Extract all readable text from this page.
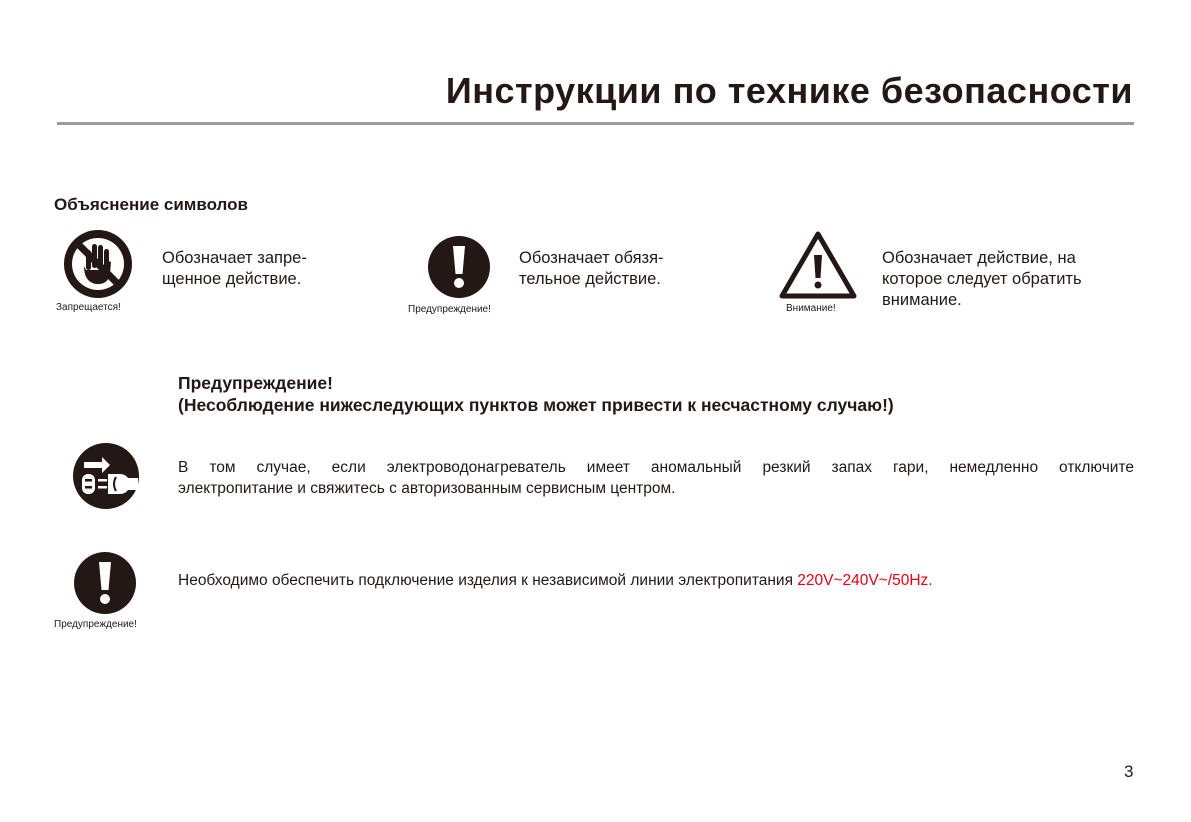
Инструкции по технике безопасности
Объяснение символов
Запрещается!
Обозначает запре-
щенное действие.
Предупреждение!
Обозначает обязя-
тельное действие.
Внимание!
Обозначает действие, на
которое следует обратить
внимание.
Предупреждение!
(Несоблюдение нижеследующих пунктов может привести к несчастному случаю!)
В том случае, если электроводонагреватель имеет аномальный резкий запах гари, немедленно отключите
электропитание и свяжитесь с авторизованным сервисным центром.
Предупреждение!
Необходимо обеспечить подключение изделия к независимой линии электропитания 220V~240V~/50Hz.
3
